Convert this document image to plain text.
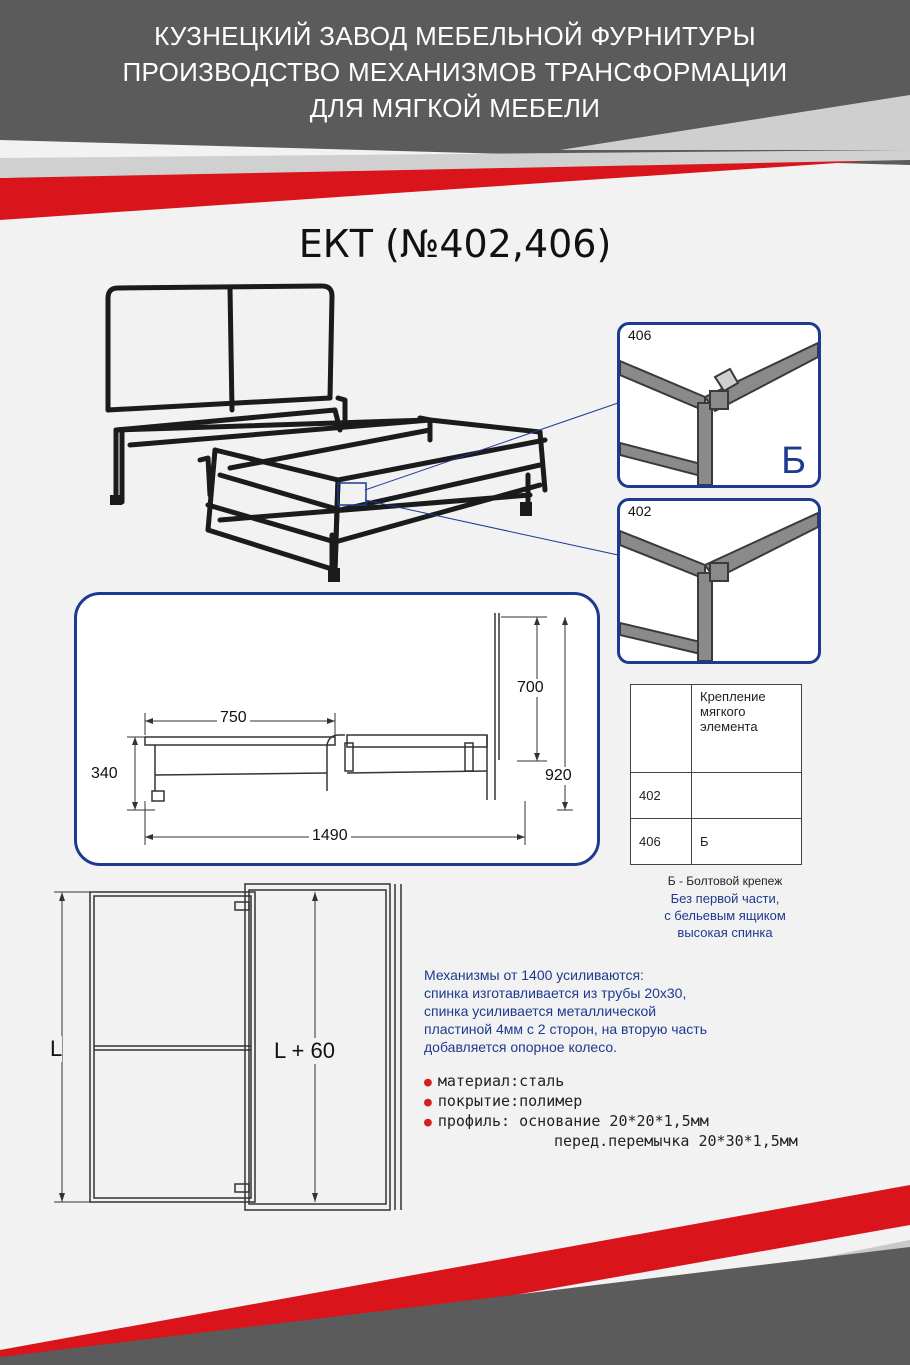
КУЗНЕЦКИЙ ЗАВОД МЕБЕЛЬНОЙ ФУРНИТУРЫ
ПРОИЗВОДСТВО МЕХАНИЗМОВ ТРАНСФОРМАЦИИ
ДЛЯ МЯГКОЙ МЕБЕЛИ
ЕКТ (№402,406)
406
Б
402
750
1490
340
700
920
	Крепление мягкого элемента
402	
406	Б
Б - Болтовой крепеж
Без первой части,
с бельевым ящиком
высокая спинка
L	L + 60
Механизмы от 1400 усиливаются:
спинка изготавливается из трубы 20х30,
спинка усиливается металлической
пластиной 4мм с 2 сторон, на вторую часть
добавляется опорное колесо.
● материал:сталь
● покрытие:полимер
● профиль: основание 20*20*1,5мм
перед.перемычка 20*30*1,5мм
